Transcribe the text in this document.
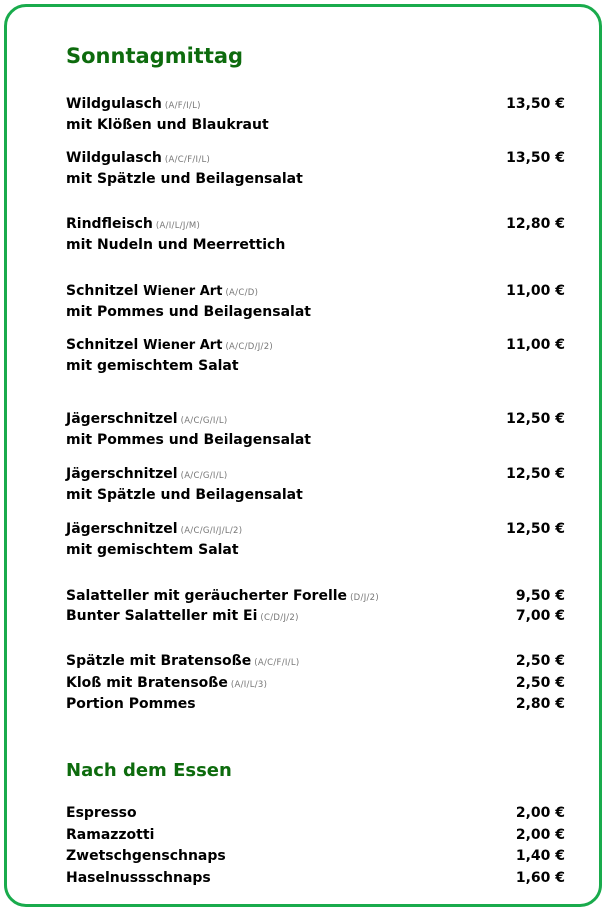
Sonntagmittag
Wildgulasch (A/F/I/L)	13,50 €
mit Klößen und Blaukraut
Wildgulasch (A/C/F/I/L)	13,50 €
mit Spätzle und Beilagensalat
Rindfleisch (A/I/L/J/M)	12,80 €
mit Nudeln und Meerrettich
Schnitzel Wiener Art (A/C/D)	11,00 €
mit Pommes und Beilagensalat
Schnitzel Wiener Art (A/C/D/J/2)	11,00 €
mit gemischtem Salat
Jägerschnitzel (A/C/G/I/L)	12,50 €
mit Pommes und Beilagensalat
Jägerschnitzel (A/C/G/I/L)	12,50 €
mit Spätzle und Beilagensalat
Jägerschnitzel (A/C/G/I/J/L/2)	12,50 €
mit gemischtem Salat
Salatteller mit geräucherter Forelle (D/J/2)	9,50 €
Bunter Salatteller mit Ei (C/D/J/2)	7,00 €
Spätzle mit Bratensoße (A/C/F/I/L)	2,50 €
Kloß mit Bratensoße (A/I/L/3)	2,50 €
Portion Pommes	2,80 €
Nach dem Essen
Espresso	2,00 €
Ramazzotti	2,00 €
Zwetschgenschnaps	1,40 €
Haselnussschnaps	1,60 €
